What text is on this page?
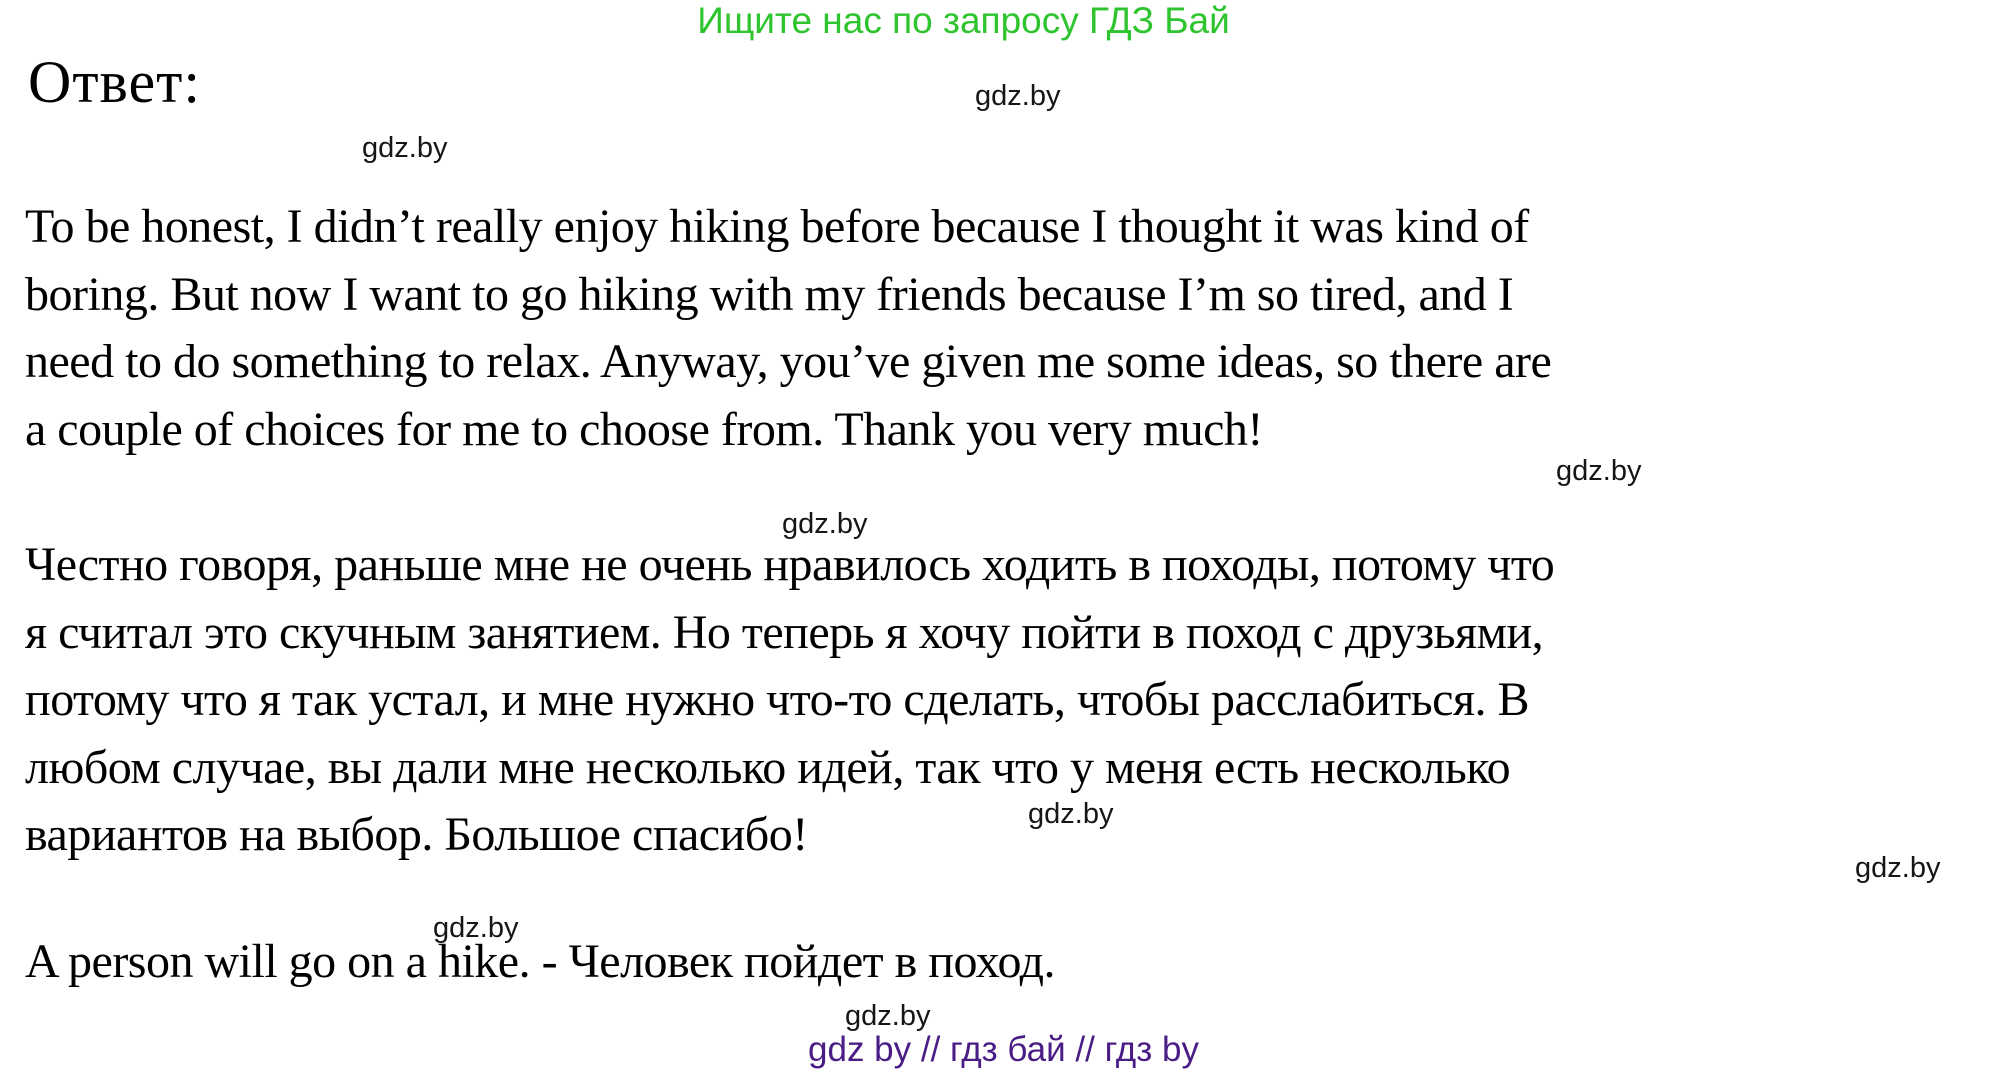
Ищите нас по запросу ГДЗ Бай
gdz.by
Ответ:
gdz.by
To be honest, I didn’t really enjoy hiking before because I thought it was kind of
boring. But now I want to go hiking with my friends because I’m so tired, and I
need to do something to relax. Anyway, you’ve given me some ideas, so there are
a couple of choices for me to choose from. Thank you very much!
gdz.by
gdz.by
Честно говоря, раньше мне не очень нравилось ходить в походы, потому что
я считал это скучным занятием. Но теперь я хочу пойти в поход с друзьями,
потому что я так устал, и мне нужно что-то сделать, чтобы расслабиться. В
любом случае, вы дали мне несколько идей, так что у меня есть несколько
вариантов на выбор. Большое спасибо!	gdz.by
gdz.by
gdz.by
A person will go on a hike. - Человек пойдет в поход.
gdz.by
gdz by // гдз бай // гдз by
